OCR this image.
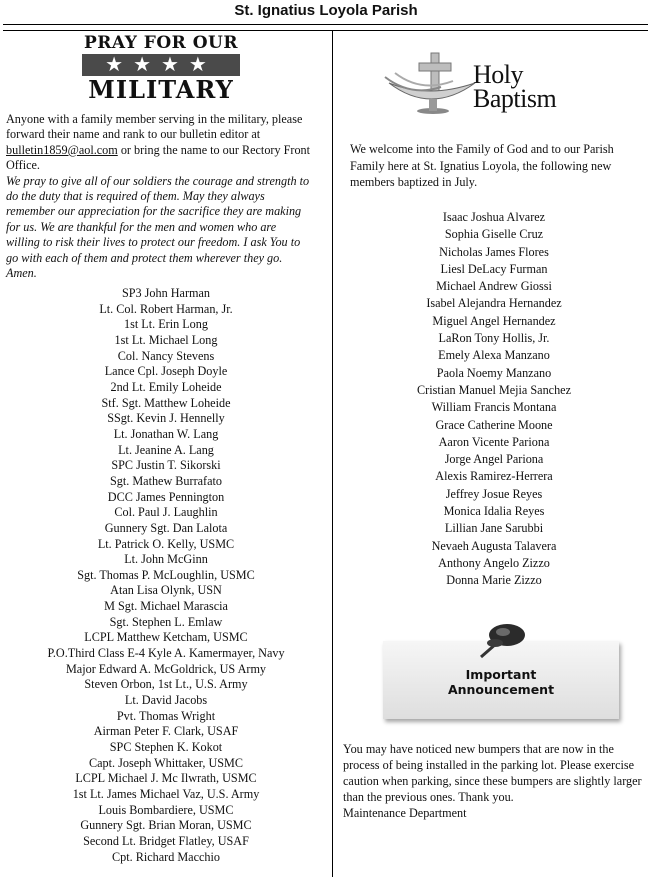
St. Ignatius Loyola Parish
PRAY FOR OUR
★★★★
MILITARY
Anyone with a family member serving in the military, please forward their name and rank to our bulletin editor at bulletin1859@aol.com or bring the name to our Rectory Front Office.
We pray to give all of our soldiers the courage and strength to do the duty that is required of them. May they always remember our appreciation for the sacrifice they are making for us. We are thankful for the men and women who are willing to risk their lives to protect our freedom. I ask You to go with each of them and protect them wherever they go. Amen.
SP3 John Harman
Lt. Col. Robert Harman, Jr.
1st Lt. Erin Long
1st Lt. Michael Long
Col. Nancy Stevens
Lance Cpl. Joseph Doyle
2nd Lt. Emily Loheide
Stf. Sgt. Matthew Loheide
SSgt. Kevin J. Hennelly
Lt. Jonathan W. Lang
Lt. Jeanine A. Lang
SPC Justin T. Sikorski
Sgt. Mathew Burrafato
DCC James Pennington
Col. Paul J. Laughlin
Gunnery Sgt. Dan Lalota
Lt. Patrick O. Kelly, USMC
Lt. John McGinn
Sgt. Thomas P. McLoughlin, USMC
Atan Lisa Olynk, USN
M Sgt. Michael Marascia
Sgt. Stephen L. Emlaw
LCPL Matthew Ketcham, USMC
P.O.Third Class E-4 Kyle A. Kamermayer, Navy
Major Edward A. McGoldrick, US Army
Steven Orbon, 1st Lt., U.S. Army
Lt. David Jacobs
Pvt. Thomas Wright
Airman Peter F. Clark, USAF
SPC Stephen K. Kokot
Capt. Joseph Whittaker, USMC
LCPL Michael J. Mc Ilwrath, USMC
1st Lt. James Michael Vaz, U.S. Army
Louis Bombardiere, USMC
Gunnery Sgt. Brian Moran, USMC
Second Lt. Bridget Flatley, USAF
Cpt. Richard Macchio
Holy
Baptism
We welcome into the Family of God and to our Parish Family here at St. Ignatius Loyola, the following new members baptized in July.
Isaac Joshua Alvarez
Sophia Giselle Cruz
Nicholas James Flores
Liesl DeLacy Furman
Michael Andrew Giossi
Isabel Alejandra Hernandez
Miguel Angel Hernandez
LaRon Tony Hollis, Jr.
Emely Alexa Manzano
Paola Noemy Manzano
Cristian Manuel Mejia Sanchez
William Francis Montana
Grace Catherine Moone
Aaron Vicente Pariona
Jorge Angel Pariona
Alexis Ramirez-Herrera
Jeffrey Josue Reyes
Monica Idalia Reyes
Lillian Jane Sarubbi
Nevaeh Augusta Talavera
Anthony Angelo Zizzo
Donna Marie Zizzo
Important
Announcement
You may have noticed new bumpers that are now in the process of being installed in the parking lot. Please exercise caution when parking, since these bumpers are slightly larger than the previous ones. Thank you.
Maintenance Department
